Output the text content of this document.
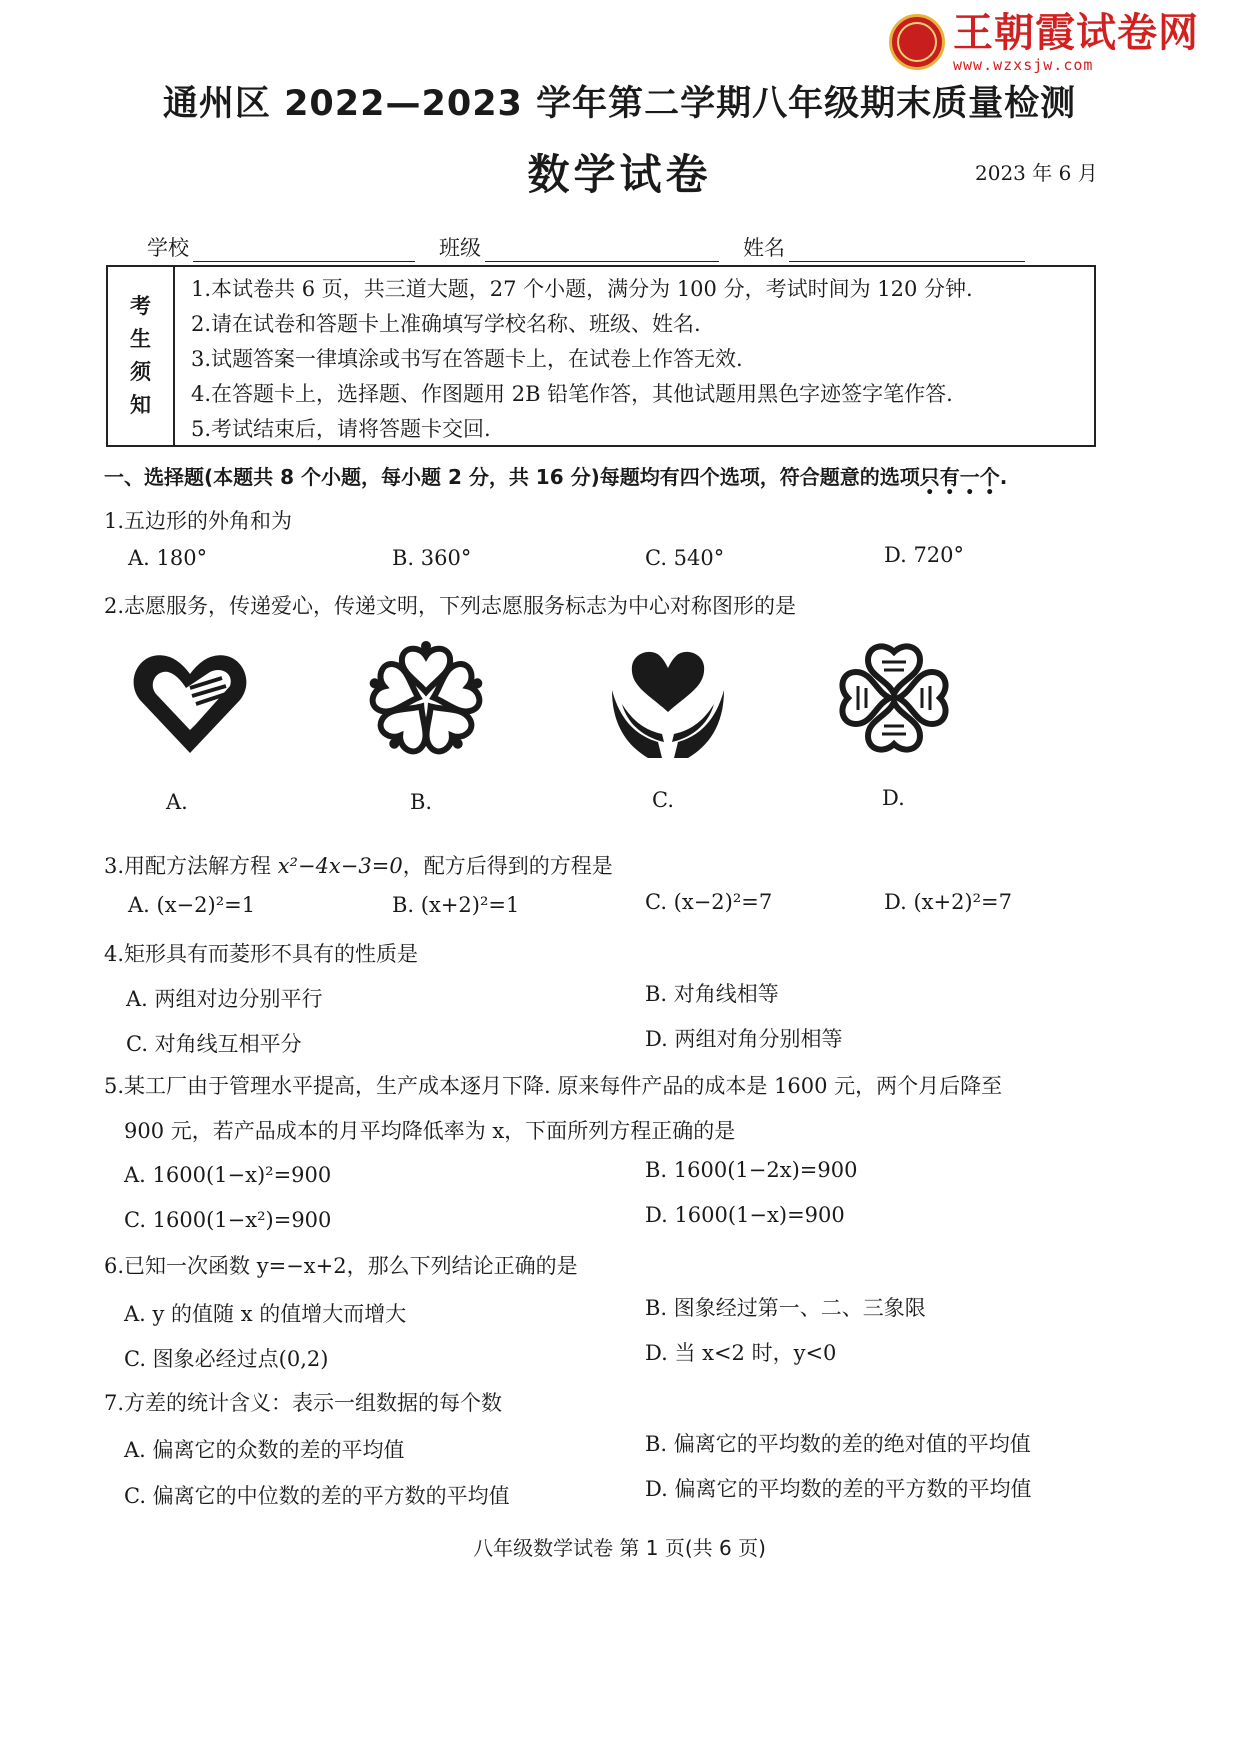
王朝霞试卷网
www.wzxsjw.com
通州区 2022—2023 学年第二学期八年级期末质量检测
数学试卷	2023 年 6 月
学校	班级	姓名
考
生
须
知
1.本试卷共 6 页，共三道大题，27 个小题，满分为 100 分，考试时间为 120 分钟.
2.请在试卷和答题卡上准确填写学校名称、班级、姓名.
3.试题答案一律填涂或书写在答题卡上，在试卷上作答无效.
4.在答题卡上，选择题、作图题用 2B 铅笔作答，其他试题用黑色字迹签字笔作答.
5.考试结束后，请将答题卡交回.
一、选择题(本题共 8 个小题，每小题 2 分，共 16 分)每题均有四个选项，符合题意的选项只有一个.
1.五边形的外角和为
A. 180°	B. 360°	C. 540°	D. 720°
2.志愿服务，传递爱心，传递文明，下列志愿服务标志为中心对称图形的是
A.	B.	C.	D.
3.用配方法解方程 x²−4x−3=0，配方后得到的方程是
A. (x−2)²=1	B. (x+2)²=1	C. (x−2)²=7	D. (x+2)²=7
4.矩形具有而菱形不具有的性质是
A. 两组对边分别平行	B. 对角线相等
C. 对角线互相平分	D. 两组对角分别相等
5.某工厂由于管理水平提高，生产成本逐月下降. 原来每件产品的成本是 1600 元，两个月后降至
900 元，若产品成本的月平均降低率为 x，下面所列方程正确的是
A. 1600(1−x)²=900	B. 1600(1−2x)=900
C. 1600(1−x²)=900	D. 1600(1−x)=900
6.已知一次函数 y=−x+2，那么下列结论正确的是
A. y 的值随 x 的值增大而增大	B. 图象经过第一、二、三象限
C. 图象必经过点(0,2)	D. 当 x<2 时，y<0
7.方差的统计含义：表示一组数据的每个数
A. 偏离它的众数的差的平均值	B. 偏离它的平均数的差的绝对值的平均值
C. 偏离它的中位数的差的平方数的平均值	D. 偏离它的平均数的差的平方数的平均值
八年级数学试卷 第 1 页(共 6 页)
